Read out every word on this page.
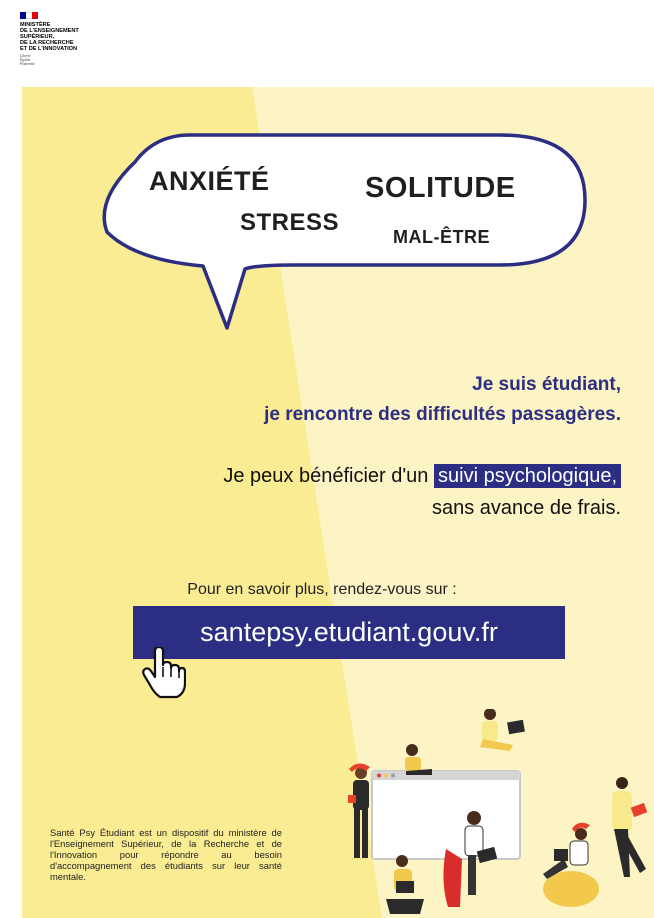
MINISTÈRE
DE L'ENSEIGNEMENT
SUPÉRIEUR,
DE LA RECHERCHE
ET DE L'INNOVATION
Liberté
Égalité
Fraternité
ANXIÉTÉ	SOLITUDE
STRESS
MAL-ÊTRE
Je suis étudiant,
je rencontre des difficultés passagères.
Je peux bénéficier d'un suivi psychologique,
sans avance de frais.
Pour en savoir plus, rendez-vous sur :
santepsy.etudiant.gouv.fr
Santé Psy Étudiant est un dispositif du ministère de l'Enseignement Supérieur, de la Recherche et de l'Innovation pour répondre au besoin d'accompagnement des étudiants sur leur santé mentale.
